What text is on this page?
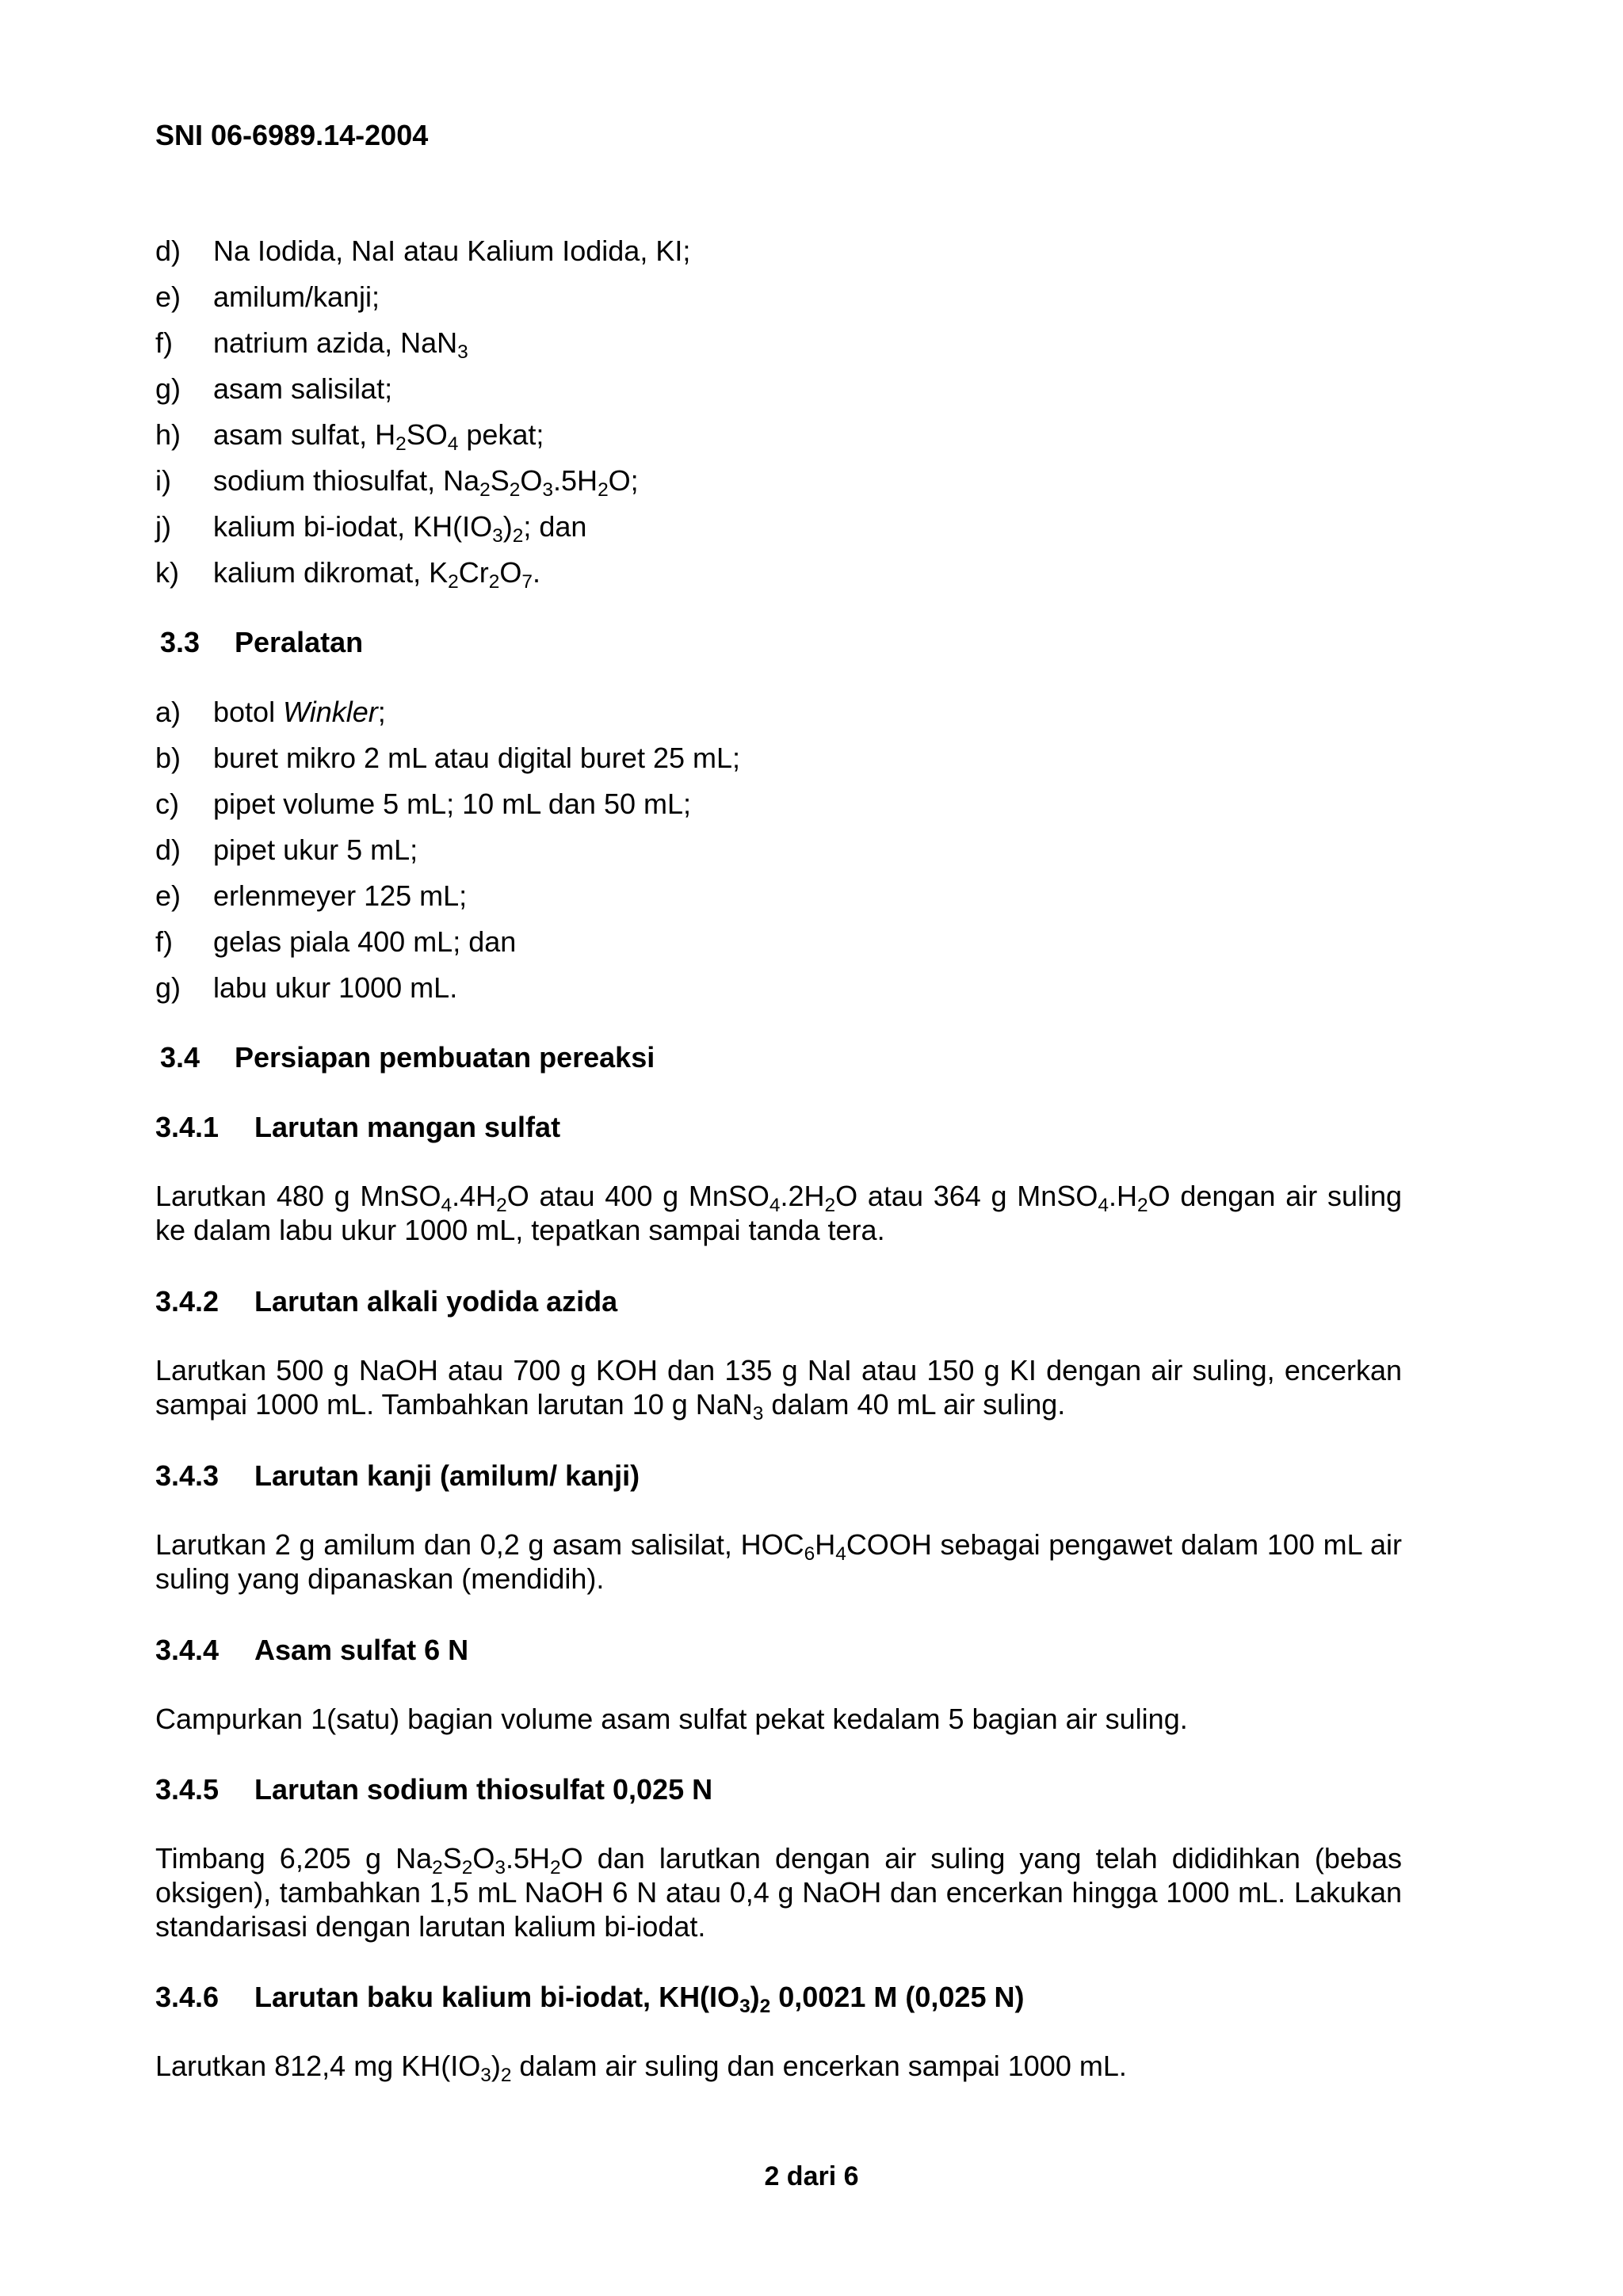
SNI 06-6989.14-2004
d) Na Iodida, NaI atau Kalium Iodida, KI;
e) amilum/kanji;
f) natrium azida, NaN$_3$
g) asam salisilat;
h) asam sulfat, $H_2SO_4$ pekat;
i) sodium thiosulfat, $Na_2S_2O_3.5H_2O$;
j) kalium bi-iodat, $KH(IO_3)_2$; dan
k) kalium dikromat, $K_2Cr_2O_7$.
3.3 Peralatan
a) botol Winkler;
b) buret mikro 2 mL atau digital buret 25 mL;
c) pipet volume 5 mL; 10 mL dan 50 mL;
d) pipet ukur 5 mL;
e) erlenmeyer 125 mL;
f) gelas piala 400 mL; dan
g) labu ukur 1000 mL.
3.4 Persiapan pembuatan pereaksi
3.4.1 Larutan mangan sulfat
Larutkan 480 g $MnSO_4.4H_2O$ atau 400 g $MnSO_4.2H_2O$ atau 364 g $MnSO_4.H_2O$ dengan air suling ke dalam labu ukur 1000 mL, tepatkan sampai tanda tera.
3.4.2 Larutan alkali yodida azida
Larutkan 500 g NaOH atau 700 g KOH dan 135 g NaI atau 150 g KI dengan air suling, encerkan sampai 1000 mL. Tambahkan larutan 10 g NaN$_3$ dalam 40 mL air suling.
3.4.3 Larutan kanji (amilum/ kanji)
Larutkan 2 g amilum dan 0,2 g asam salisilat, $HOC_6H_4COOH$ sebagai pengawet dalam 100 mL air suling yang dipanaskan (mendidih).
3.4.4 Asam sulfat 6 N
Campurkan 1(satu) bagian volume asam sulfat pekat kedalam 5 bagian air suling.
3.4.5 Larutan sodium thiosulfat 0,025 N
Timbang 6,205 g $Na_2S_2O_3.5H_2O$ dan larutkan dengan air suling yang telah dididihkan (bebas oksigen), tambahkan 1,5 mL NaOH 6 N atau 0,4 g NaOH dan encerkan hingga 1000 mL. Lakukan standarisasi dengan larutan kalium bi-iodat.
3.4.6 Larutan baku kalium bi-iodat, $KH(IO_3)_2$ 0,0021 M (0,025 N)
Larutkan 812,4 mg $KH(IO_3)_2$ dalam air suling dan encerkan sampai 1000 mL.
2 dari 6
